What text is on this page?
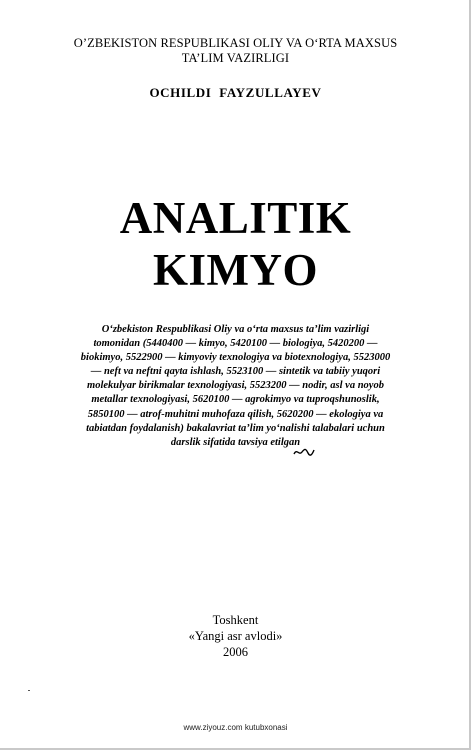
O’ZBEKISTON RESPUBLIKASI OLIY VA O‘RTA MAXSUS
TA’LIM VAZIRLIGI
OCHILDI FAYZULLAYEV
ANALITIK
KIMYO
O‘zbekiston Respublikasi Oliy va o‘rta maxsus ta’lim vazirligi
tomonidan (5440400 — kimyo, 5420100 — biologiya, 5420200 —
biokimyo, 5522900 — kimyoviy texnologiya va biotexnologiya, 5523000
— neft va neftni qayta ishlash, 5523100 — sintetik va tabiiy yuqori
molekulyar birikmalar texnologiyasi, 5523200 — nodir, asl va noyob
metallar texnologiyasi, 5620100 — agrokimyo va tuproqshunoslik,
5850100 — atrof-muhitni muhofaza qilish, 5620200 — ekologiya va
tabiatdan foydalanish) bakalavriat ta’lim yo‘nalishi talabalari uchun
darslik sifatida tavsiya etilgan
Toshkent
«Yangi asr avlodi»
2006
www.ziyouz.com kutubxonasi
